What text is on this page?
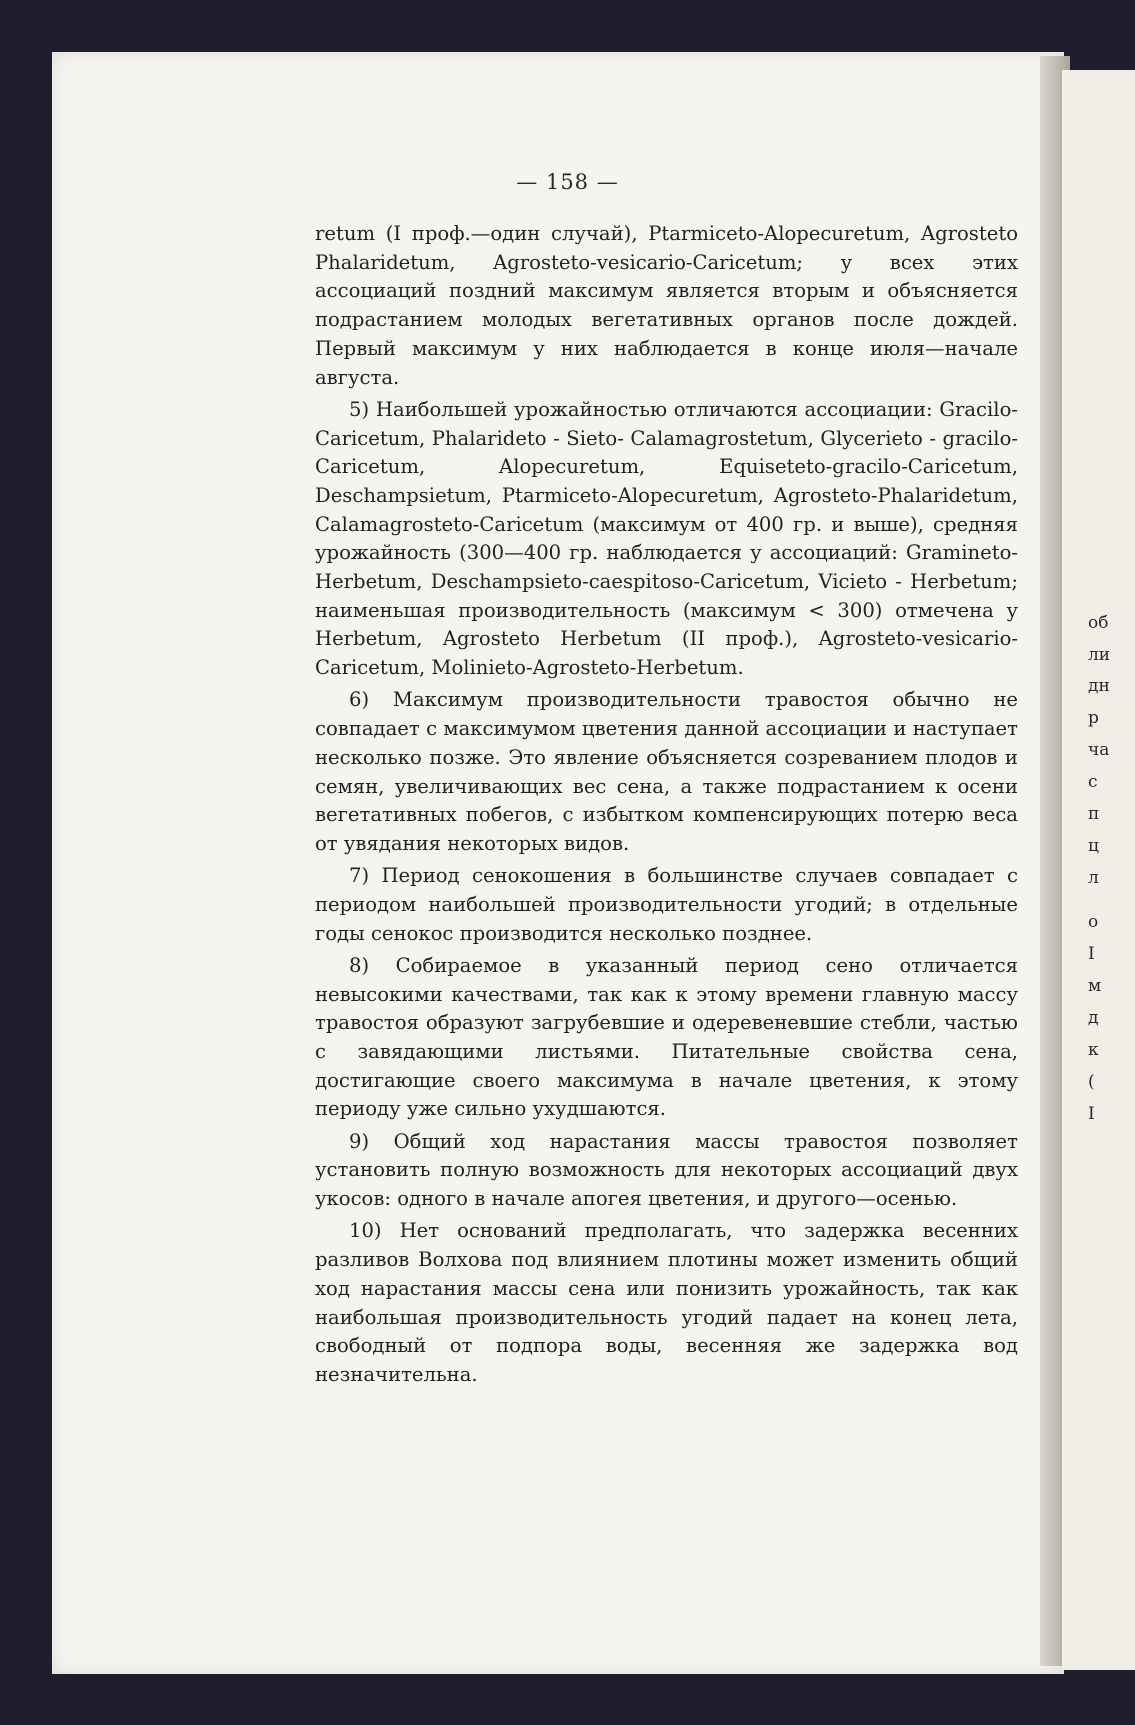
об
ли
дн
р
ча
с
п
ц
л
о
I
м
д
к
(
I
— 158 —

retum (I проф.—один случай), Ptarmiceto-Alopecuretum, Agrosteto Phalaridetum, Agrosteto-vesicario-Caricetum; у всех этих ассоциаций поздний максимум является вторым и объясняется подрастанием молодых вегетативных органов после дождей. Первый максимум у них наблюдается в конце июля—начале августа.

5) Наибольшей урожайностью отличаются ассоциации: Gracilo-Caricetum, Phalarideto - Sieto- Calamagrostetum, Glycerieto - gracilo-Caricetum, Alopecuretum, Equiseteto-gracilo-Caricetum, Deschampsietum, Ptarmiceto-Alopecuretum, Agrosteto-Phalaridetum, Calamagrosteto-Caricetum (максимум от 400 гр. и выше), средняя урожайность (300—400 гр. наблюдается у ассоциаций: Gramineto-Herbetum, Deschampsieto-caespitoso-Caricetum, Vicieto - Herbetum; наименьшая производительность (максимум < 300) отмечена у Herbetum, Agrosteto Herbetum (II проф.), Agrosteto-vesicario-Caricetum, Molinieto-Agrosteto-Herbetum.

6) Максимум производительности травостоя обычно не совпадает с максимумом цветения данной ассоциации и наступает несколько позже. Это явление объясняется созреванием плодов и семян, увеличивающих вес сена, а также подрастанием к осени вегетативных побегов, с избытком компенсирующих потерю веса от увядания некоторых видов.

7) Период сенокошения в большинстве случаев совпадает с периодом наибольшей производительности угодий; в отдельные годы сенокос производится несколько позднее.

8) Собираемое в указанный период сено отличается невысокими качествами, так как к этому времени главную массу травостоя образуют загрубевшие и одеревеневшие стебли, частью с завядающими листьями. Питательные свойства сена, достигающие своего максимума в начале цветения, к этому периоду уже сильно ухудшаются.

9) Общий ход нарастания массы травостоя позволяет установить полную возможность для некоторых ассоциаций двух укосов: одного в начале апогея цветения, и другого—осенью.

10) Нет оснований предполагать, что задержка весенних разливов Волхова под влиянием плотины может изменить общий ход нарастания массы сена или понизить урожайность, так как наибольшая производительность угодий падает на конец лета, свободный от подпора воды, весенняя же задержка вод незначительна.
